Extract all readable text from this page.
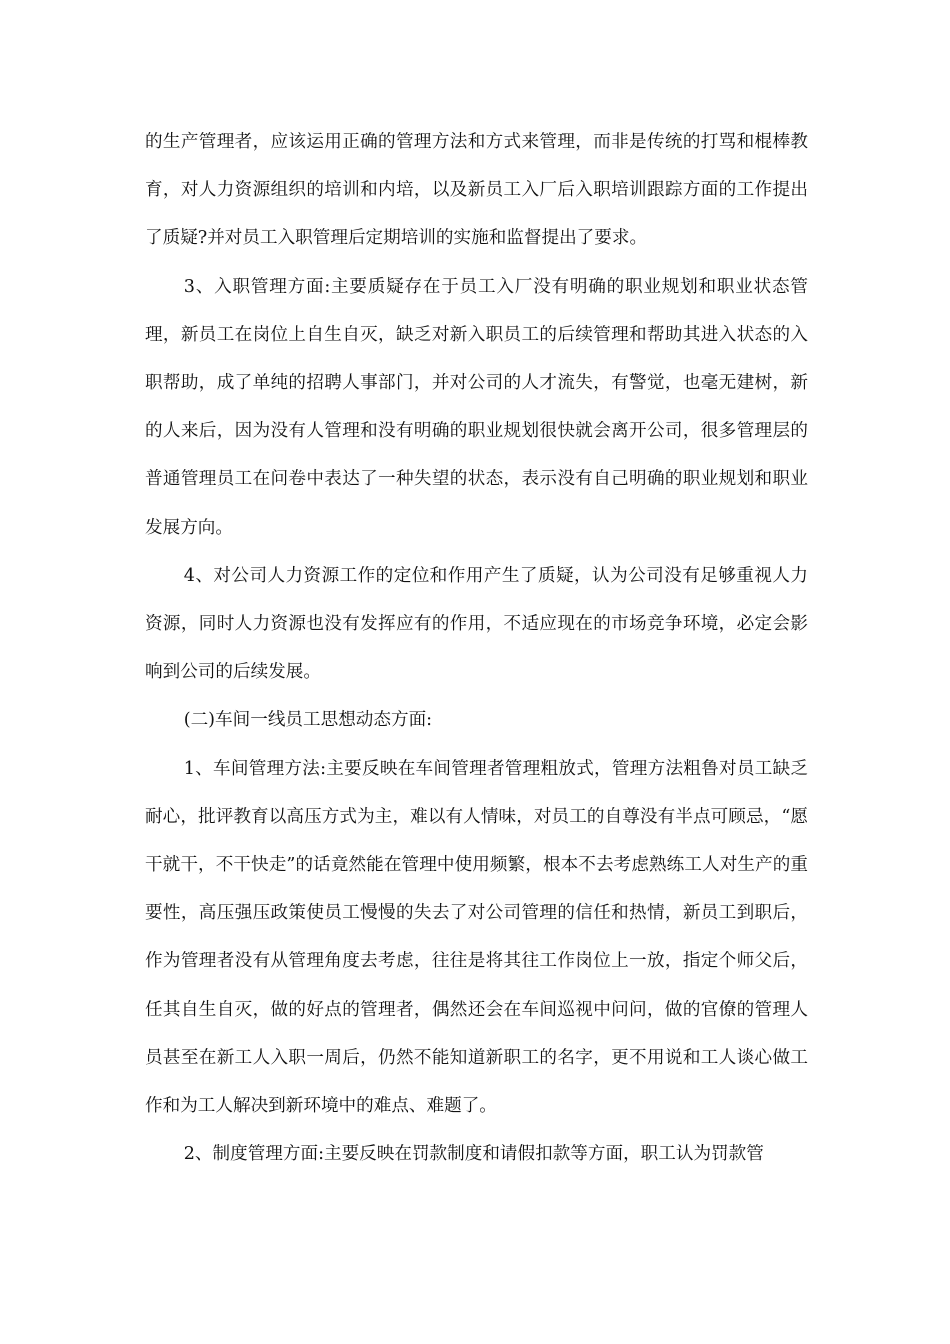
的生产管理者，应该运用正确的管理方法和方式来管理，而非是传统的打骂和棍棒教育，对人力资源组织的培训和内培，以及新员工入厂后入职培训跟踪方面的工作提出了质疑?并对员工入职管理后定期培训的实施和监督提出了要求。

3、入职管理方面:主要质疑存在于员工入厂没有明确的职业规划和职业状态管理，新员工在岗位上自生自灭，缺乏对新入职员工的后续管理和帮助其进入状态的入职帮助，成了单纯的招聘人事部门，并对公司的人才流失，有警觉，也毫无建树，新的人来后，因为没有人管理和没有明确的职业规划很快就会离开公司，很多管理层的普通管理员工在问卷中表达了一种失望的状态，表示没有自己明确的职业规划和职业发展方向。

4、对公司人力资源工作的定位和作用产生了质疑，认为公司没有足够重视人力资源，同时人力资源也没有发挥应有的作用，不适应现在的市场竞争环境，必定会影响到公司的后续发展。

(二)车间一线员工思想动态方面:

1、车间管理方法:主要反映在车间管理者管理粗放式，管理方法粗鲁对员工缺乏耐心，批评教育以高压方式为主，难以有人情味，对员工的自尊没有半点可顾忌，“愿干就干，不干快走”的话竟然能在管理中使用频繁，根本不去考虑熟练工人对生产的重要性，高压强压政策使员工慢慢的失去了对公司管理的信任和热情，新员工到职后，作为管理者没有从管理角度去考虑，往往是将其往工作岗位上一放，指定个师父后，任其自生自灭，做的好点的管理者，偶然还会在车间巡视中问问，做的官僚的管理人员甚至在新工人入职一周后，仍然不能知道新职工的名字，更不用说和工人谈心做工作和为工人解决到新环境中的难点、难题了。

2、制度管理方面:主要反映在罚款制度和请假扣款等方面，职工认为罚款管
